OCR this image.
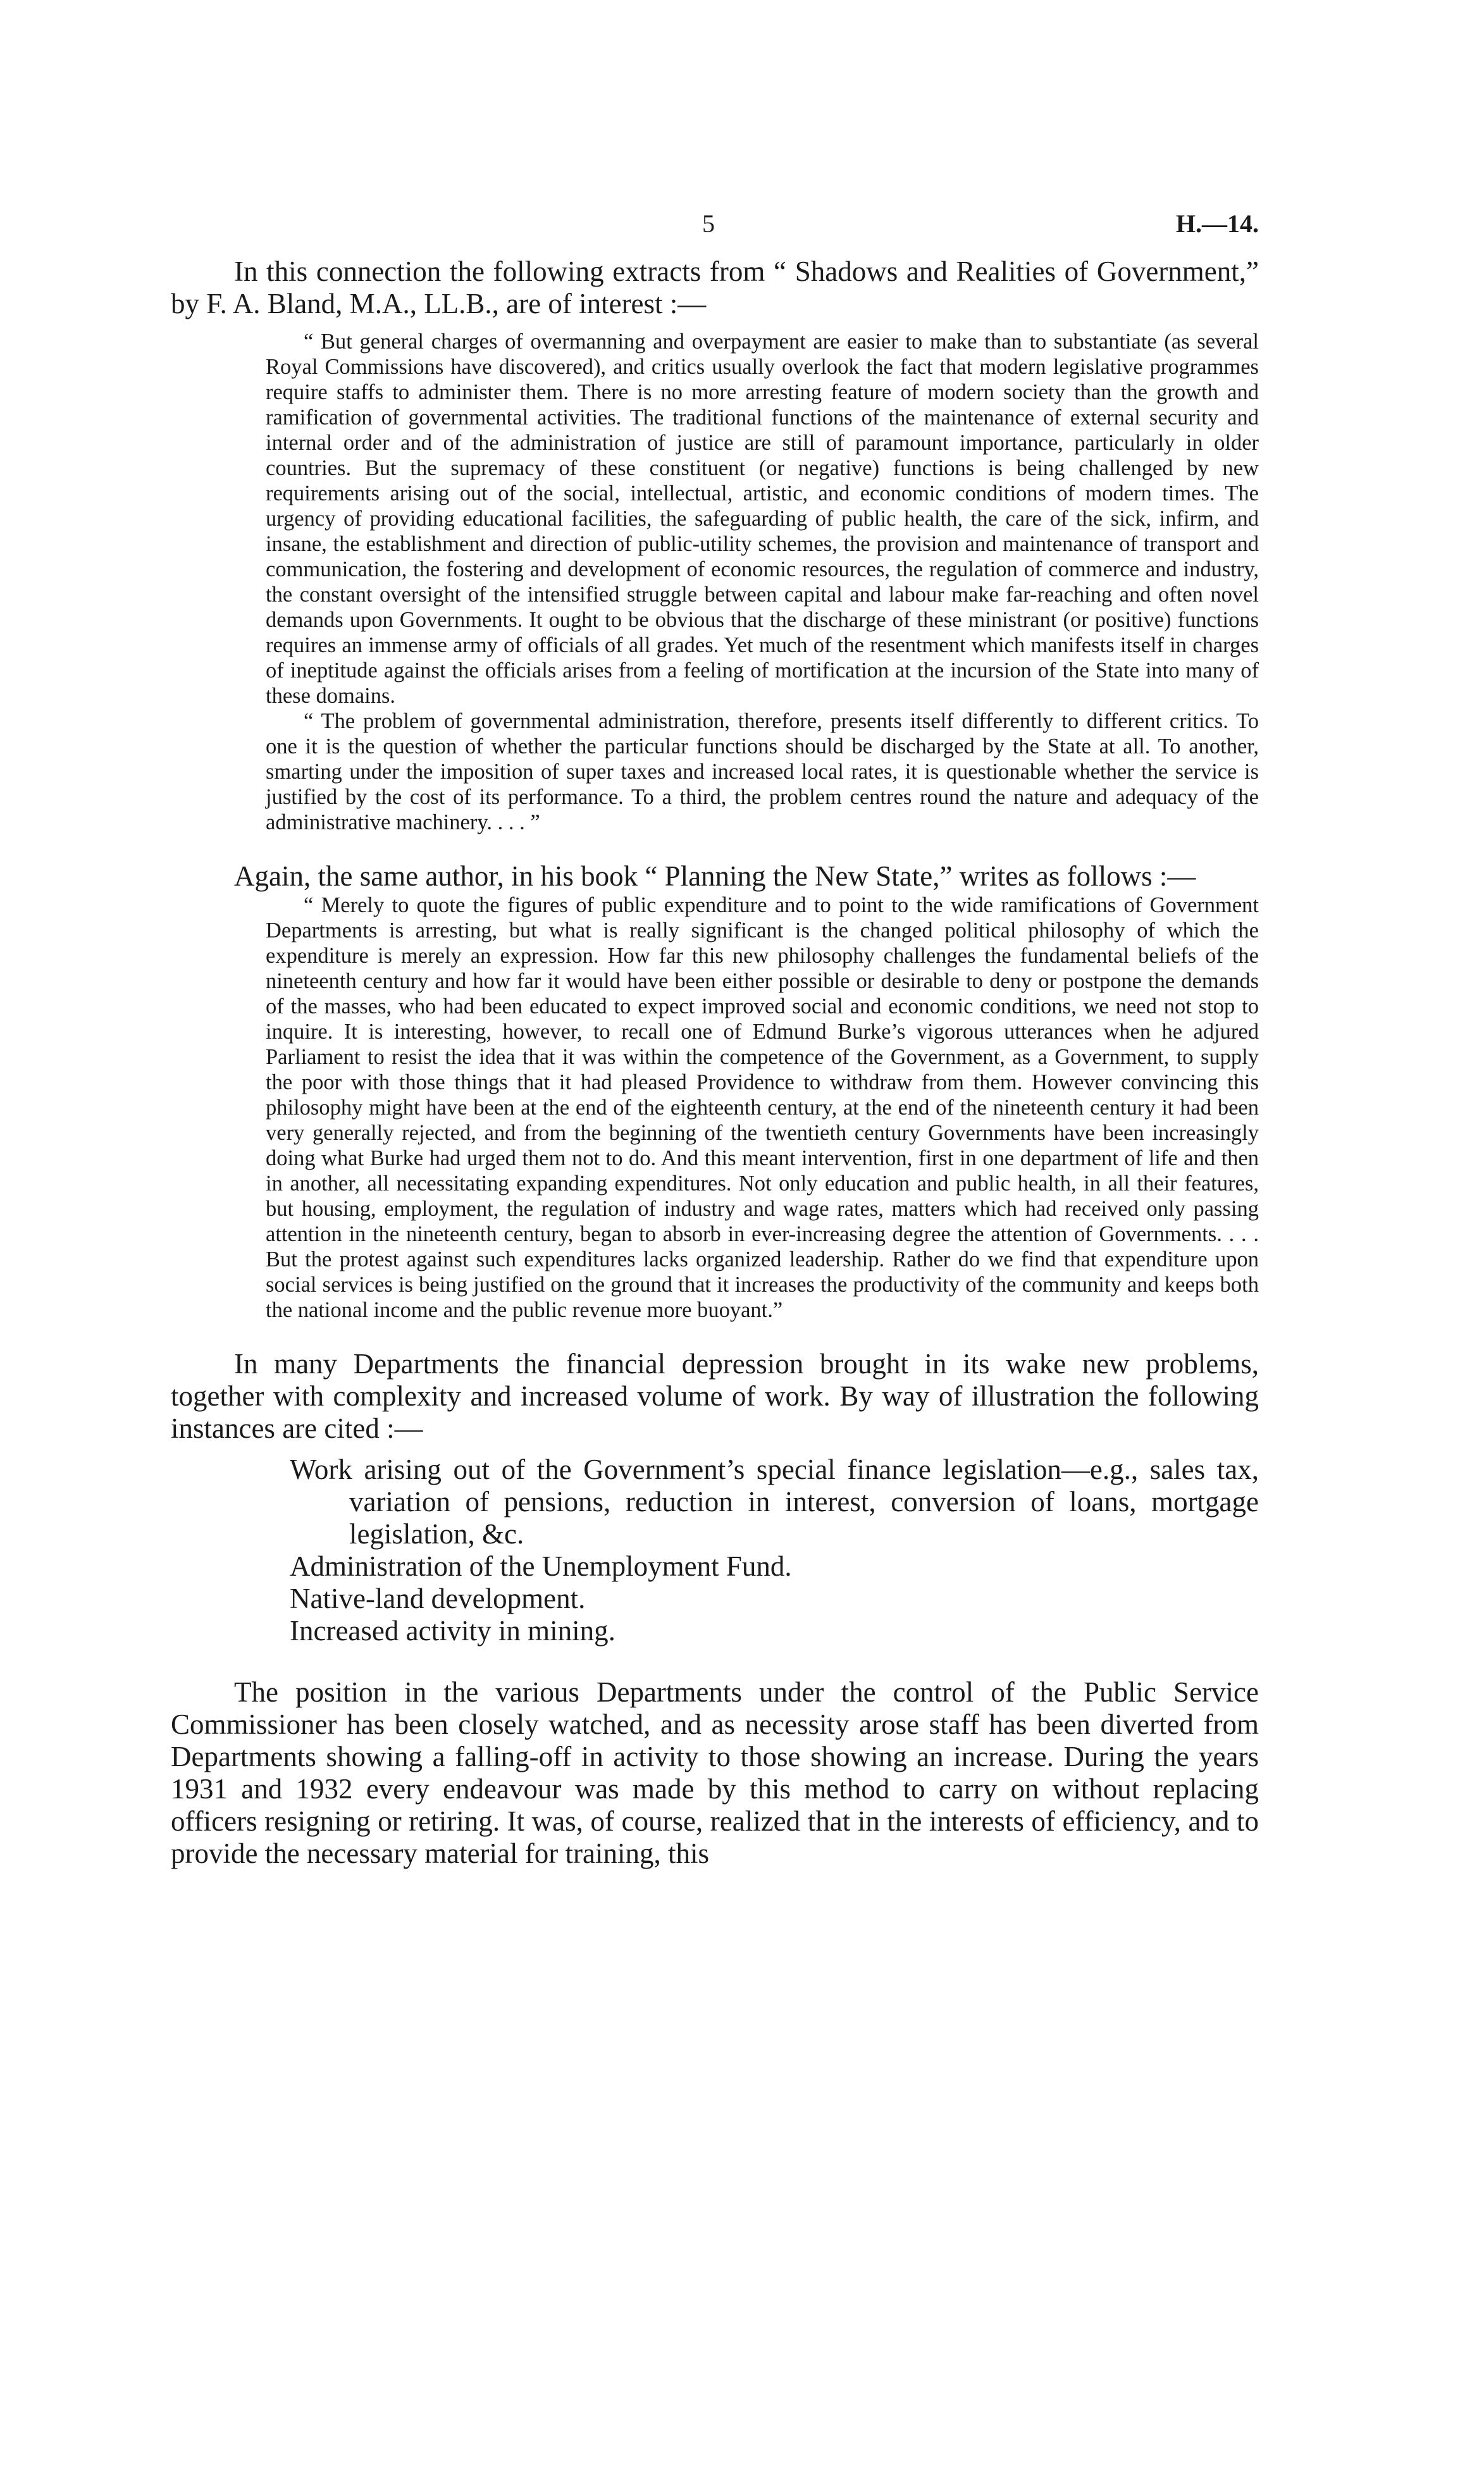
5	H.—14.

In this connection the following extracts from “ Shadows and Realities of Government,” by F. A. Bland, M.A., LL.B., are of interest :—

“ But general charges of overmanning and overpayment are easier to make than to substantiate (as several Royal Commissions have discovered), and critics usually overlook the fact that modern legislative programmes require staffs to administer them. There is no more arresting feature of modern society than the growth and ramification of governmental activities. The traditional functions of the maintenance of external security and internal order and of the administration of justice are still of paramount importance, particularly in older countries. But the supremacy of these constituent (or negative) functions is being challenged by new requirements arising out of the social, intellectual, artistic, and economic conditions of modern times. The urgency of providing educational facilities, the safeguarding of public health, the care of the sick, infirm, and insane, the establishment and direction of public-utility schemes, the provision and maintenance of transport and communication, the fostering and development of economic resources, the regulation of commerce and industry, the constant oversight of the intensified struggle between capital and labour make far-reaching and often novel demands upon Governments. It ought to be obvious that the discharge of these ministrant (or positive) functions requires an immense army of officials of all grades. Yet much of the resentment which manifests itself in charges of ineptitude against the officials arises from a feeling of mortification at the incursion of the State into many of these domains.

“ The problem of governmental administration, therefore, presents itself differently to different critics. To one it is the question of whether the particular functions should be discharged by the State at all. To another, smarting under the imposition of super taxes and increased local rates, it is questionable whether the service is justified by the cost of its performance. To a third, the problem centres round the nature and adequacy of the administrative machinery. . . . ”

Again, the same author, in his book “ Planning the New State,” writes as follows :—

“ Merely to quote the figures of public expenditure and to point to the wide ramifications of Government Departments is arresting, but what is really significant is the changed political philosophy of which the expenditure is merely an expression. How far this new philosophy challenges the fundamental beliefs of the nineteenth century and how far it would have been either possible or desirable to deny or postpone the demands of the masses, who had been educated to expect improved social and economic conditions, we need not stop to inquire. It is interesting, however, to recall one of Edmund Burke’s vigorous utterances when he adjured Parliament to resist the idea that it was within the competence of the Government, as a Government, to supply the poor with those things that it had pleased Providence to withdraw from them. However convincing this philosophy might have been at the end of the eighteenth century, at the end of the nineteenth century it had been very generally rejected, and from the beginning of the twentieth century Governments have been increasingly doing what Burke had urged them not to do. And this meant intervention, first in one department of life and then in another, all necessitating expanding expenditures. Not only education and public health, in all their features, but housing, employment, the regulation of industry and wage rates, matters which had received only passing attention in the nineteenth century, began to absorb in ever-increasing degree the attention of Governments. . . . But the protest against such expenditures lacks organized leadership. Rather do we find that expenditure upon social services is being justified on the ground that it increases the productivity of the community and keeps both the national income and the public revenue more buoyant.”

In many Departments the financial depression brought in its wake new problems, together with complexity and increased volume of work. By way of illustration the following instances are cited :—

Work arising out of the Government’s special finance legislation—e.g., sales tax, variation of pensions, reduction in interest, conversion of loans, mortgage legislation, &c.
Administration of the Unemployment Fund.
Native-land development.
Increased activity in mining.

The position in the various Departments under the control of the Public Service Commissioner has been closely watched, and as necessity arose staff has been diverted from Departments showing a falling-off in activity to those showing an increase. During the years 1931 and 1932 every endeavour was made by this method to carry on without replacing officers resigning or retiring. It was, of course, realized that in the interests of efficiency, and to provide the necessary material for training, this
